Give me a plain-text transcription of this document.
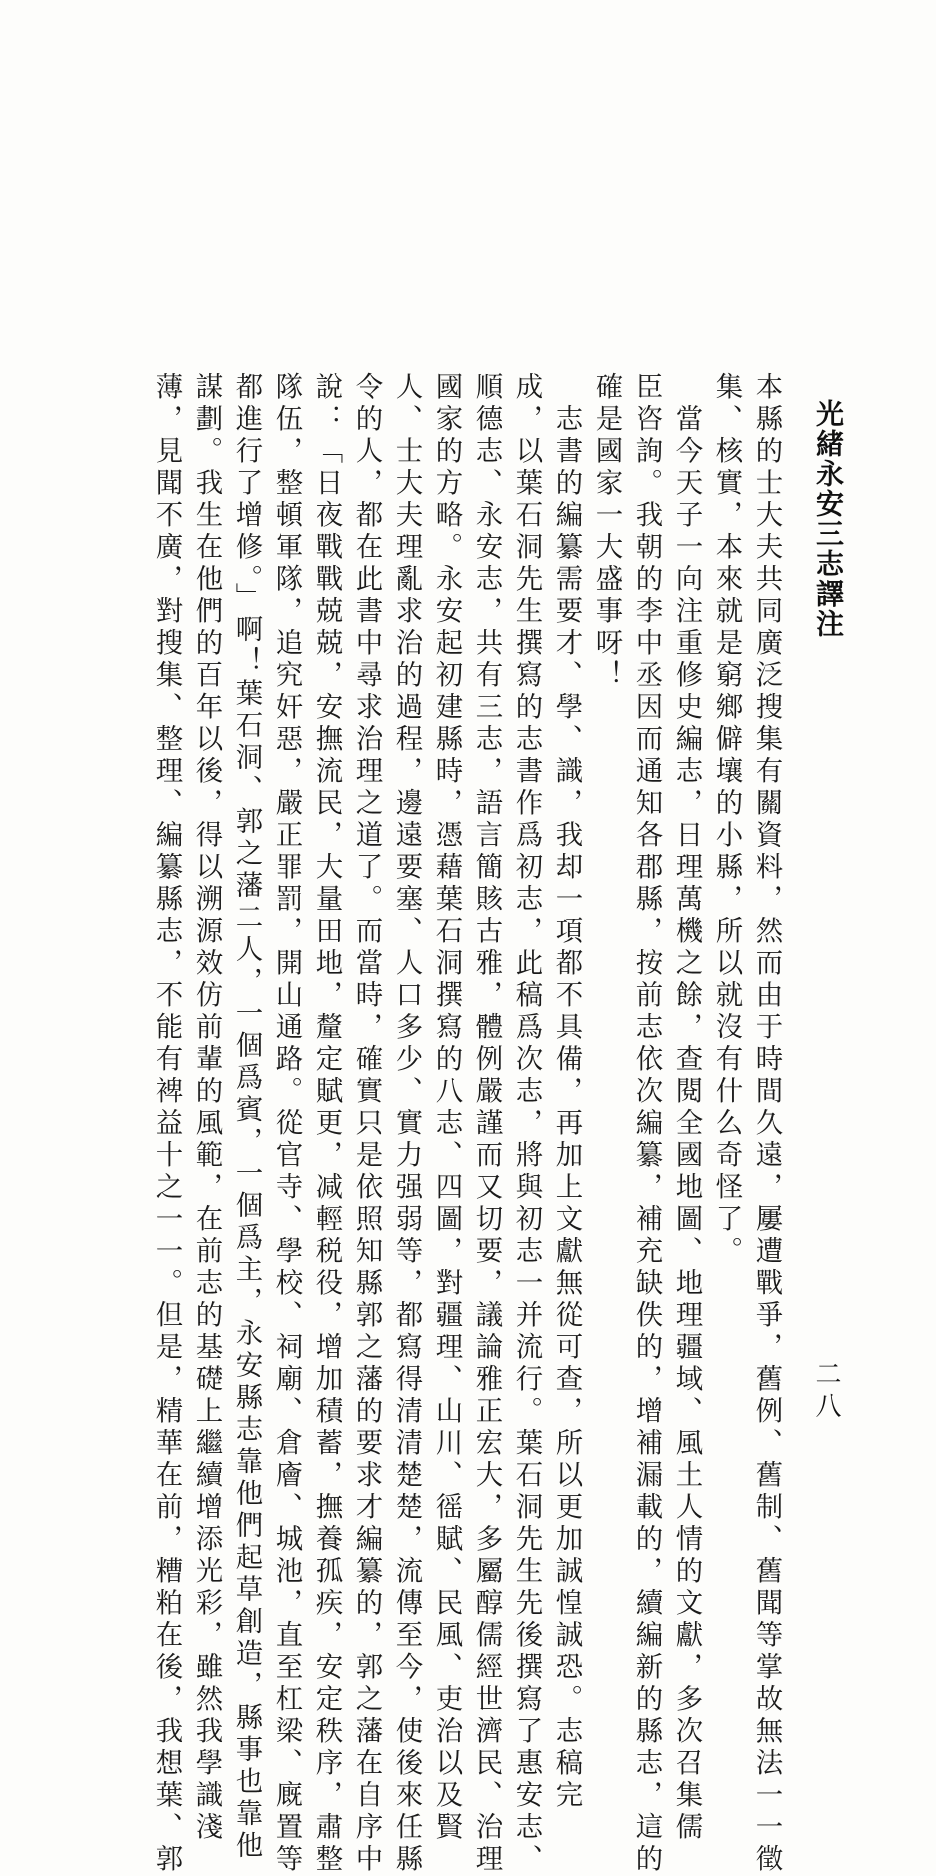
光緒永安三志譯注
二八
本縣的士大夫共同廣泛搜集有關資料，然而由于時間久遠，屢遭戰爭，舊例、舊制、舊聞等掌故無法一一徵
集、核實，本來就是窮鄉僻壤的小縣，所以就沒有什么奇怪了。
當今天子一向注重修史編志，日理萬機之餘，查閱全國地圖、地理疆域、風土人情的文獻，多次召集儒
臣咨詢。我朝的李中丞因而通知各郡縣，按前志依次編纂，補充缺佚的，增補漏載的，續編新的縣志，這的
確是國家一大盛事呀！
志書的編纂需要才、學、識，我却一項都不具備，再加上文獻無從可查，所以更加誠惶誠恐。志稿完
成，以葉石洞先生撰寫的志書作爲初志，此稿爲次志，將與初志一并流行。葉石洞先生先後撰寫了惠安志、
順德志、永安志，共有三志，語言簡賅古雅，體例嚴謹而又切要，議論雅正宏大，多屬醇儒經世濟民、治理
國家的方略。永安起初建縣時，憑藉葉石洞撰寫的八志、四圖，對疆理、山川、徭賦、民風、吏治以及賢
人、士大夫理亂求治的過程，邊遠要塞、人口多少、實力强弱等，都寫得清清楚楚，流傳至今，使後來任縣
令的人，都在此書中尋求治理之道了。而當時，確實只是依照知縣郭之藩的要求才編纂的，郭之藩在自序中
說：「日夜戰戰兢兢，安撫流民，大量田地，釐定賦更，减輕税役，增加積蓄，撫養孤疾，安定秩序，肅整
隊伍，整頓軍隊，追究奸惡，嚴正罪罰，開山通路。從官寺、學校、祠廟、倉廥、城池，直至杠梁、廐置等
都進行了增修。」啊！葉石洞、郭之藩二人，一個爲賓，一個爲主，永安縣志靠他們起草創造，縣事也靠他
謀劃。我生在他們的百年以後，得以溯源效仿前輩的風範，在前志的基礎上繼續增添光彩，雖然我學識淺
薄，見聞不廣，對搜集、整理、編纂縣志，不能有裨益十之一一。但是，精華在前，糟粕在後，我想葉、郭
